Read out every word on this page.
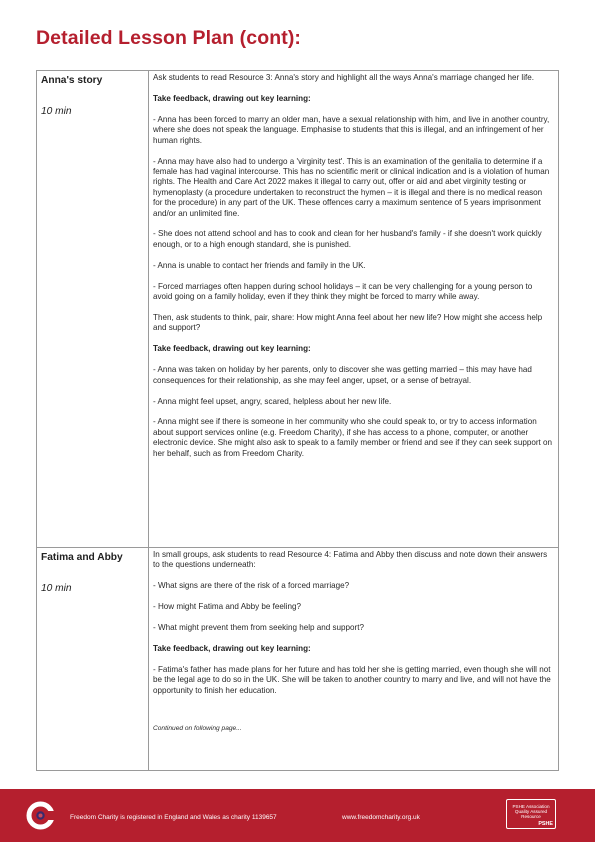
Detailed Lesson Plan (cont):

Anna's story

10 min

Ask students to read Resource 3: Anna's story and highlight all the ways Anna's marriage changed her life.

Take feedback, drawing out key learning:

- Anna has been forced to marry an older man, have a sexual relationship with him, and live in another country, where she does not speak the language. Emphasise to students that this is illegal, and an infringement of her human rights.

- Anna may have also had to undergo a 'virginity test'. This is an examination of the genitalia to determine if a female has had vaginal intercourse. This has no scientific merit or clinical indication and is a violation of human rights. The Health and Care Act 2022 makes it illegal to carry out, offer or aid and abet virginity testing or hymenoplasty (a procedure undertaken to reconstruct the hymen – it is illegal and there is no medical reason for the procedure) in any part of the UK. These offences carry a maximum sentence of 5 years imprisonment and/or an unlimited fine.

- She does not attend school and has to cook and clean for her husband's family - if she doesn't work quickly enough, or to a high enough standard, she is punished.

- Anna is unable to contact her friends and family in the UK.

- Forced marriages often happen during school holidays – it can be very challenging for a young person to avoid going on a family holiday, even if they think they might be forced to marry while away.

Then, ask students to think, pair, share: How might Anna feel about her new life? How might she access help and support?

Take feedback, drawing out key learning:

- Anna was taken on holiday by her parents, only to discover she was getting married – this may have had consequences for their relationship, as she may feel anger, upset, or a sense of betrayal.

- Anna might feel upset, angry, scared, helpless about her new life.

- Anna might see if there is someone in her community who she could speak to, or try to access information about support services online (e.g. Freedom Charity), if she has access to a phone, computer, or another electronic device. She might also ask to speak to a family member or friend and see if they can seek support on her behalf, such as from Freedom Charity.

Fatima and Abby

10 min

In small groups, ask students to read Resource 4: Fatima and Abby then discuss and note down their answers to the questions underneath:

- What signs are there of the risk of a forced marriage?

- How might Fatima and Abby be feeling?

- What might prevent them from seeking help and support?

Take feedback, drawing out key learning:

- Fatima's father has made plans for her future and has told her she is getting married, even though she will not be the legal age to do so in the UK. She will be taken to another country to marry and live, and will not have the opportunity to finish her education.

Continued on following page...

Freedom Charity is registered in England and Wales as charity 1139657	www.freedomcharity.org.uk
PSHE Association
Quality Assured
Resource
PSHE
